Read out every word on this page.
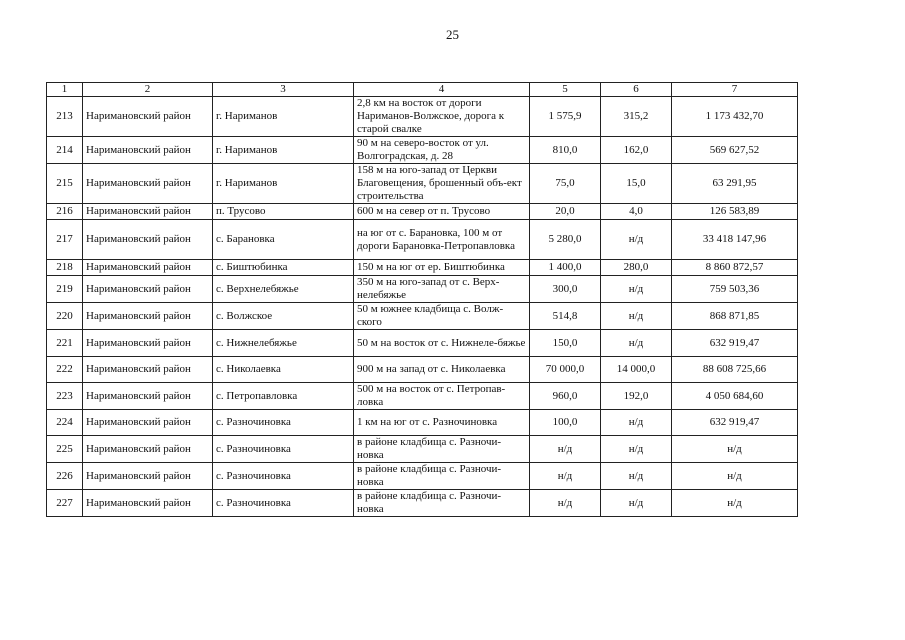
25
1	2	3	4	5	6	7
213	Наримановский район	г. Нариманов	2,8 км на восток от дороги Нариманов-Волжское, дорога к старой свалке	1 575,9	315,2	1 173 432,70
214	Наримановский район	г. Нариманов	90 м на северо-восток от ул. Волгоградская, д. 28	810,0	162,0	569 627,52
215	Наримановский район	г. Нариманов	158 м на юго-запад от Церкви Благовещения, брошенный объ-ект строительства	75,0	15,0	63 291,95
216	Наримановский район	п. Трусово	600 м на север от п. Трусово	20,0	4,0	126 583,89
217	Наримановский район	с. Барановка	на юг от с. Барановка, 100 м от дороги Барановка-Петропавловка	5 280,0	н/д	33 418 147,96
218	Наримановский район	с. Биштюбинка	150 м на юг от ер. Биштюбинка	1 400,0	280,0	8 860 872,57
219	Наримановский район	с. Верхнелебяжье	350 м на юго-запад от с. Верх-нелебяжье	300,0	н/д	759 503,36
220	Наримановский район	с. Волжское	50 м южнее кладбища с. Волж-ского	514,8	н/д	868 871,85
221	Наримановский район	с. Нижнелебяжье	50 м на восток от с. Нижнеле-бяжье	150,0	н/д	632 919,47
222	Наримановский район	с. Николаевка	900 м на запад от с. Николаевка	70 000,0	14 000,0	88 608 725,66
223	Наримановский район	с. Петропавловка	500 м на восток от с. Петропав-ловка	960,0	192,0	4 050 684,60
224	Наримановский район	с. Разночиновка	1 км на юг от с. Разночиновка	100,0	н/д	632 919,47
225	Наримановский район	с. Разночиновка	в районе кладбища с. Разночи-новка	н/д	н/д	н/д
226	Наримановский район	с. Разночиновка	в районе кладбища с. Разночи-новка	н/д	н/д	н/д
227	Наримановский район	с. Разночиновка	в районе кладбища с. Разночи-новка	н/д	н/д	н/д
